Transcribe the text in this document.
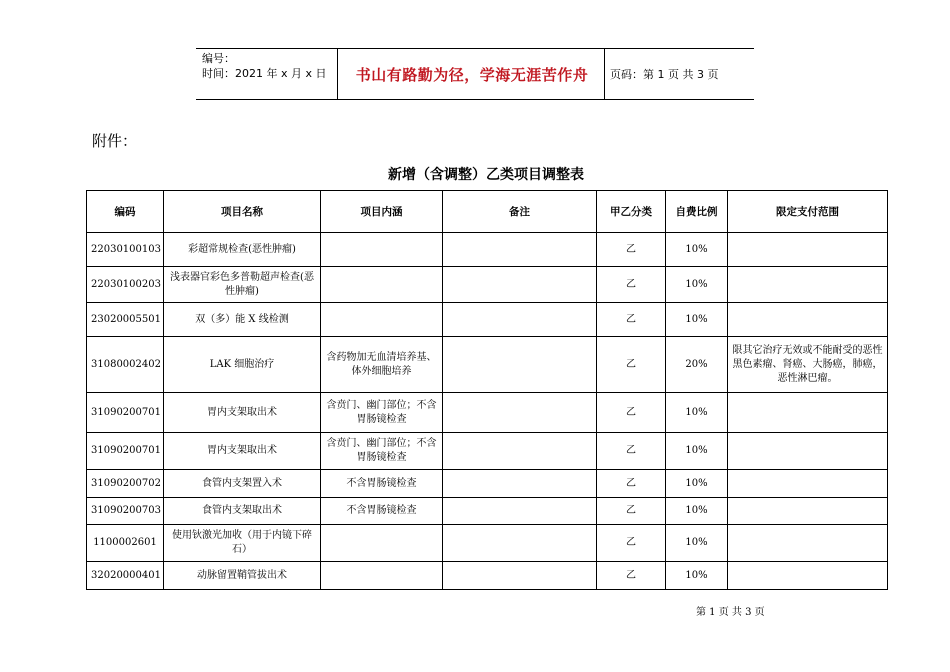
编号：
时间：2021 年 x 月 x 日	书山有路勤为径，学海无涯苦作舟	页码：第 1 页 共 3 页
附件：
新增（含调整）乙类项目调整表
编码	项目名称	项目内涵	备注	甲乙分类	自费比例	限定支付范围
22030100103	彩超常规检查(恶性肿瘤)			乙	10%	
22030100203	浅表器官彩色多普勒超声检查(恶性肿瘤)			乙	10%	
23020005501	双（多）能 X 线检测			乙	10%	
31080002402	LAK 细胞治疗	含药物加无血清培养基、体外细胞培养		乙	20%	限其它治疗无效或不能耐受的恶性黑色素瘤、肾癌、大肠癌，肺癌，恶性淋巴瘤。
31090200701	胃内支架取出术	含贲门、幽门部位；不含胃肠镜检查		乙	10%	
31090200701	胃内支架取出术	含贲门、幽门部位；不含胃肠镜检查		乙	10%	
31090200702	食管内支架置入术	不含胃肠镜检查		乙	10%	
31090200703	食管内支架取出术	不含胃肠镜检查		乙	10%	
1100002601	使用钬激光加收（用于内镜下碎石）			乙	10%	
32020000401	动脉留置鞘管拔出术			乙	10%	
第 1 页 共 3 页
